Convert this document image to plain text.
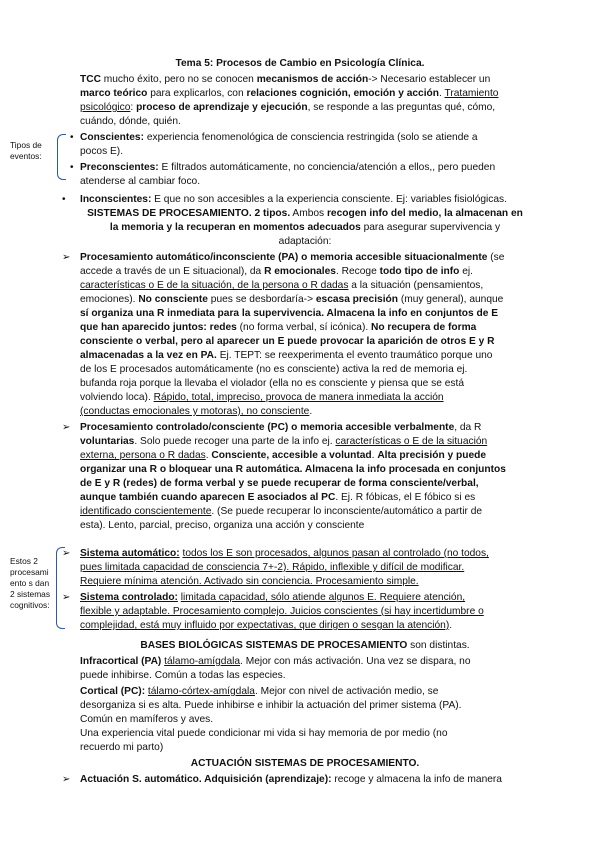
Tema 5: Procesos de Cambio en Psicología Clínica.
TCC mucho éxito, pero no se conocen mecanismos de acción-> Necesario establecer un
marco teórico para explicarlos, con relaciones cognición, emoción y acción. Tratamiento
psicológico: proceso de aprendizaje y ejecución, se responde a las preguntas qué, cómo,
cuándo, dónde, quién.
Tipos de
eventos:
• Conscientes: experiencia fenomenológica de consciencia restringida (solo se atiende a
pocos E).
• Preconscientes: E filtrados automáticamente, no conciencia/atención a ellos,, pero pueden
atenderse al cambiar foco.
• Inconscientes: E que no son accesibles a la experiencia consciente. Ej: variables fisiológicas.
SISTEMAS DE PROCESAMIENTO. 2 tipos. Ambos recogen info del medio, la almacenan en
la memoria y la recuperan en momentos adecuados para asegurar supervivencia y
adaptación:
➢ Procesamiento automático/inconsciente (PA) o memoria accesible situacionalmente (se
accede a través de un E situacional), da R emocionales. Recoge todo tipo de info ej.
características o E de la situación, de la persona o R dadas a la situación (pensamientos,
emociones). No consciente pues se desbordaría-> escasa precisión (muy general), aunque
sí organiza una R inmediata para la supervivencia. Almacena la info en conjuntos de E
que han aparecido juntos: redes (no forma verbal, sí icónica). No recupera de forma
consciente o verbal, pero al aparecer un E puede provocar la aparición de otros E y R
almacenadas a la vez en PA. Ej. TEPT: se reexperimenta el evento traumático porque uno
de los E procesados automáticamente (no es consciente) activa la red de memoria ej.
bufanda roja porque la llevaba el violador (ella no es consciente y piensa que se está
volviendo loca). Rápido, total, impreciso, provoca de manera inmediata la acción
(conductas emocionales y motoras), no consciente.
➢ Procesamiento controlado/consciente (PC) o memoria accesible verbalmente, da R
voluntarias. Solo puede recoger una parte de la info ej. características o E de la situación
externa, persona o R dadas. Consciente, accesible a voluntad. Alta precisión y puede
organizar una R o bloquear una R automática. Almacena la info procesada en conjuntos
de E y R (redes) de forma verbal y se puede recuperar de forma consciente/verbal,
aunque también cuando aparecen E asociados al PC. Ej. R fóbicas, el E fóbico si es
identificado conscientemente. (Se puede recuperar lo inconsciente/automático a partir de
esta). Lento, parcial, preciso, organiza una acción y consciente
Estos 2
procesami
ento s dan
2 sistemas
cognitivos:
➢ Sistema automático: todos los E son procesados, algunos pasan al controlado (no todos,
pues limitada capacidad de consciencia 7+-2). Rápido, inflexible y difícil de modificar.
Requiere mínima atención. Activado sin conciencia. Procesamiento simple.
➢ Sistema controlado: limitada capacidad, sólo atiende algunos E. Requiere atención,
flexible y adaptable. Procesamiento complejo. Juicios conscientes (si hay incertidumbre o
complejidad, está muy influido por expectativas, que dirigen o sesgan la atención).
BASES BIOLÓGICAS SISTEMAS DE PROCESAMIENTO son distintas.
Infracortical (PA) tálamo-amígdala. Mejor con más activación. Una vez se dispara, no
puede inhibirse. Común a todas las especies.
Cortical (PC): tálamo-córtex-amígdala. Mejor con nivel de activación medio, se
desorganiza si es alta. Puede inhibirse e inhibir la actuación del primer sistema (PA).
Común en mamíferos y aves.
Una experiencia vital puede condicionar mi vida si hay memoria de por medio (no
recuerdo mi parto)
ACTUACIÓN SISTEMAS DE PROCESAMIENTO.
➢ Actuación S. automático. Adquisición (aprendizaje): recoge y almacena la info de manera
